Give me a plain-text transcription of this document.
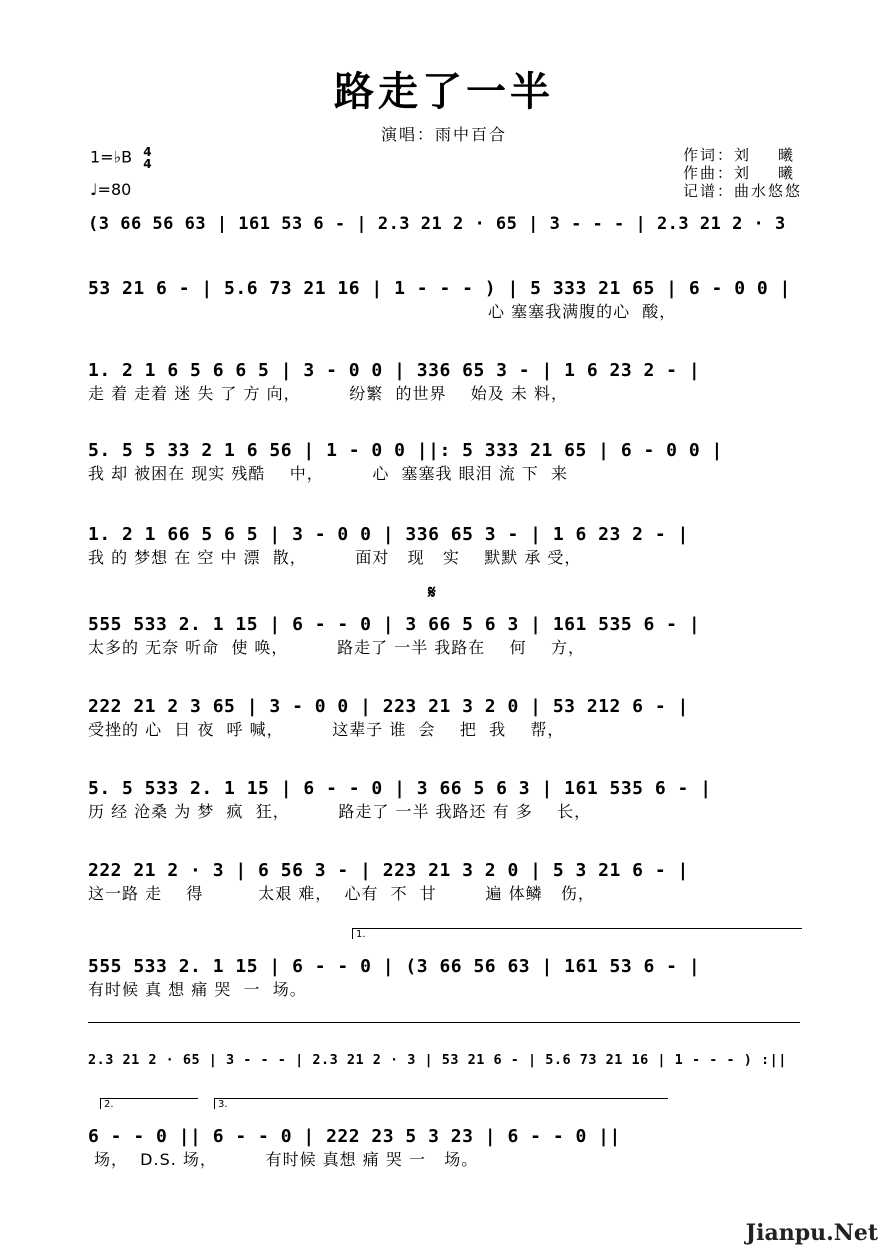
路走了一半
演唱：雨中百合
1=♭B 4
4
♩=80
作词：刘    曦
作曲：刘    曦
记谱：曲水悠悠
(3 66 56 63 | 161 53 6 - | 2.3 21 2 · 65 | 3 - - - | 2.3 21 2 · 3
53 21 6 - | 5.6 73 21 16 | 1 - - - ) | 5 333 21 65 | 6 - 0 0 |
心 塞塞我满腹的心  酸，
1. 2 1 6 5 6 6 5 | 3 - 0 0 | 336 65 3 - | 1 6 23 2 - |
走 着 走着 迷 失 了 方 向，        纷繁  的世界    始及 未 料，
5. 5 5 33 2 1 6 56 | 1 - 0 0 ||: 5 333 21 65 | 6 - 0 0 |
我 却 被困在 现实 残酷    中，        心  塞塞我 眼泪 流 下  来
1. 2 1 66 5 6 5 | 3 - 0 0 | 336 65 3 - | 1 6 23 2 - |
我 的 梦想 在 空 中 漂  散，        面对   现   实    默默 承 受，
𝄋
555 533 2. 1 15 | 6 - - 0 | 3 66 5 6 3 | 161 535 6 - |
太多的 无奈 听命  使 唤，        路走了 一半 我路在    何    方，
222 21 2 3 65 | 3 - 0 0 | 223 21 3 2 0 | 53 212 6 - |
受挫的 心  日 夜  呼 喊，        这辈子 谁  会    把  我    帮，
5. 5 533 2. 1 15 | 6 - - 0 | 3 66 5 6 3 | 161 535 6 - |
历 经 沧桑 为 梦  疯  狂，        路走了 一半 我路还 有 多    长，
222 21 2 · 3 | 6 56 3 - | 223 21 3 2 0 | 5 3 21 6 - |
这一路 走    得         太艰 难，  心有  不  甘        遍 体鳞   伤，
1.
555 533 2. 1 15 | 6 - - 0 | (3 66 56 63 | 161 53 6 - |
有时候 真 想 痛 哭  一  场。
2.3 21 2 · 65 | 3 - - - | 2.3 21 2 · 3 | 53 21 6 - | 5.6 73 21 16 | 1 - - - ) :||
2.	3.
6 - - 0 || 6 - - 0 | 222 23 5 3 23 | 6 - - 0 ||
场，  D.S. 场，        有时候 真想 痛 哭 一   场。
Jianpu.Net
